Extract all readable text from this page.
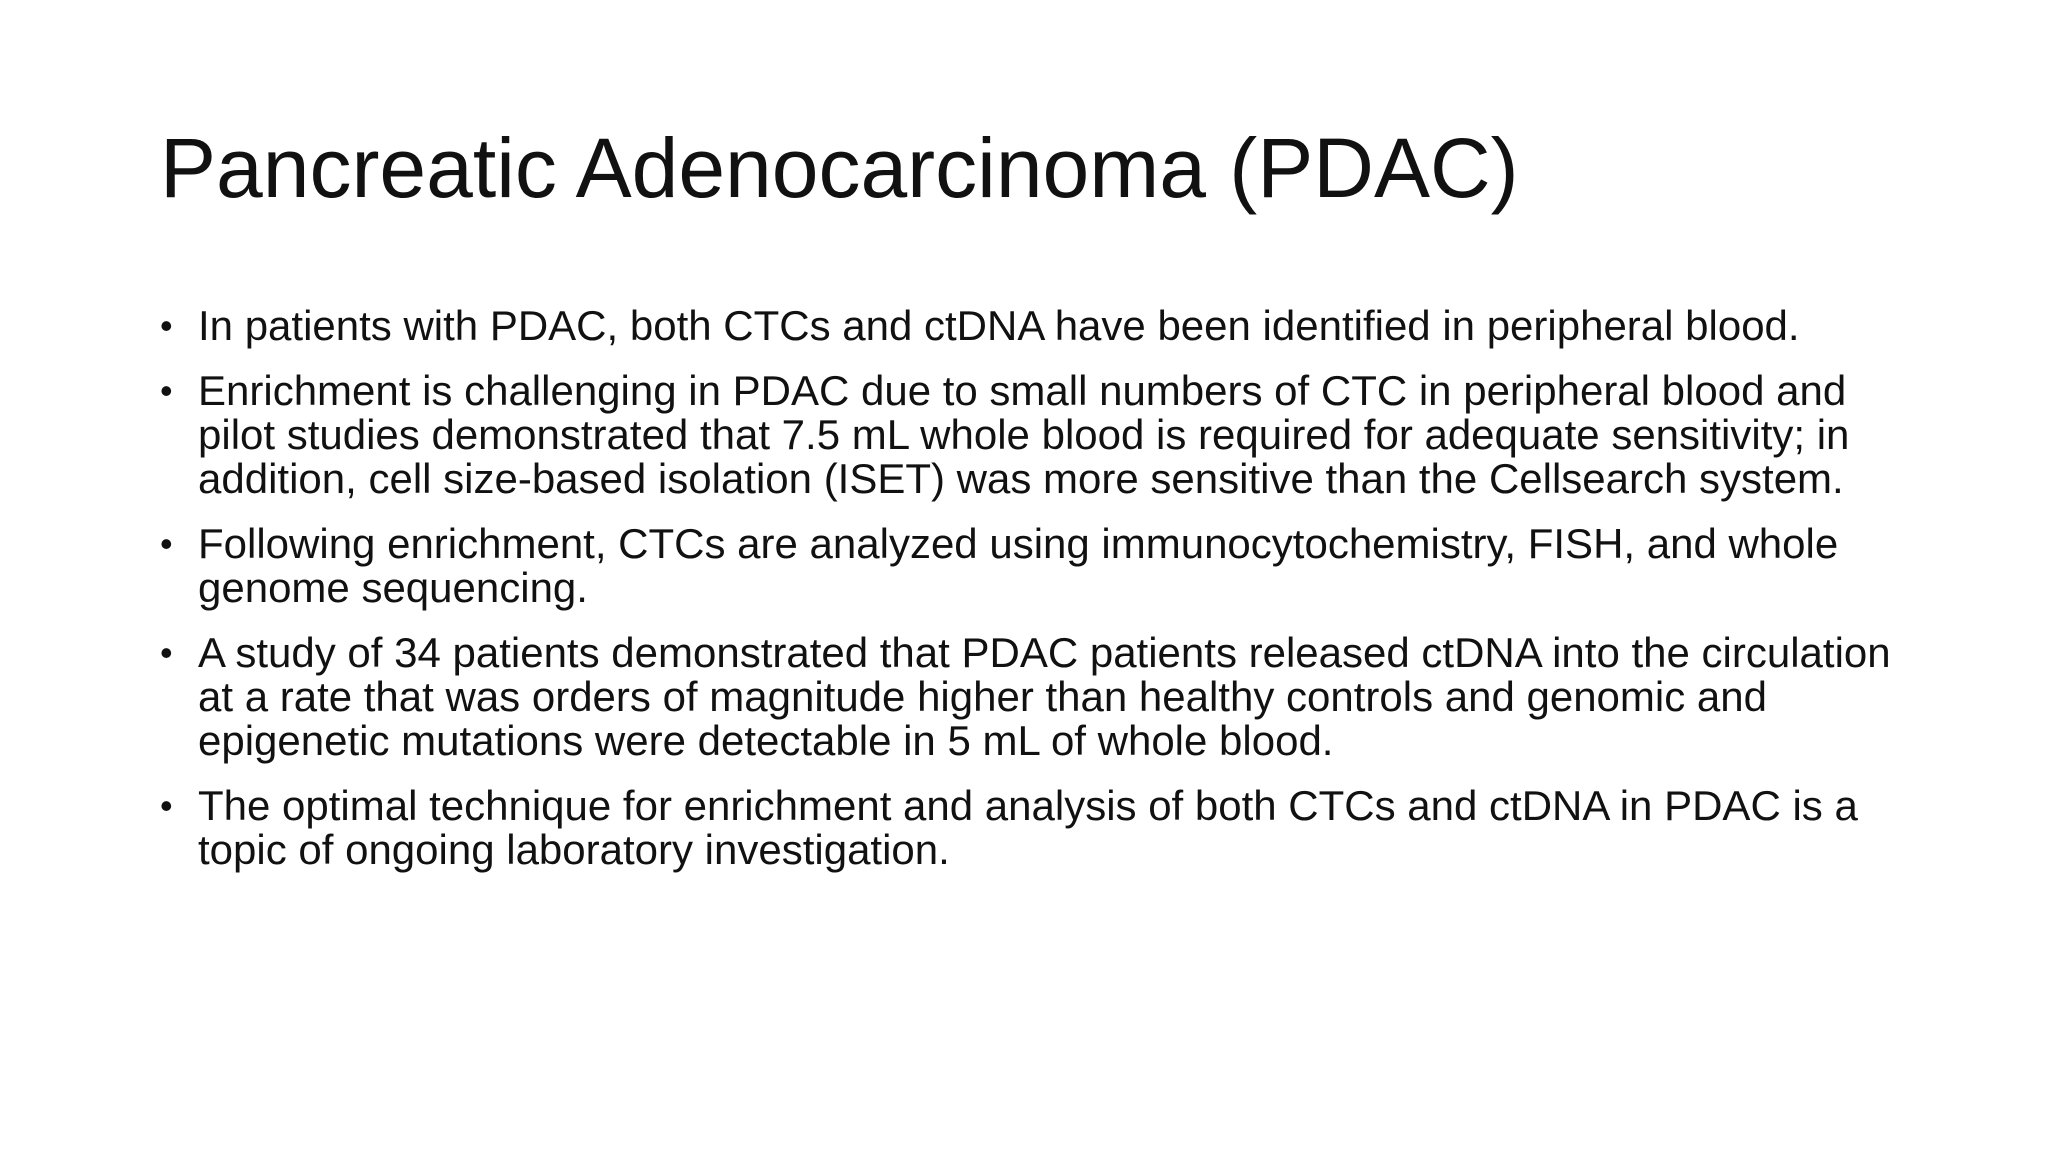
Pancreatic Adenocarcinoma (PDAC)
• In patients with PDAC, both CTCs and ctDNA have been identified in peripheral blood.
• Enrichment is challenging in PDAC due to small numbers of CTC in peripheral blood and pilot studies demonstrated that 7.5 mL whole blood is required for adequate sensitivity; in addition, cell size-based isolation (ISET) was more sensitive than the Cellsearch system.
• Following enrichment, CTCs are analyzed using immunocytochemistry, FISH, and whole genome sequencing.
• A study of 34 patients demonstrated that PDAC patients released ctDNA into the circulation at a rate that was orders of magnitude higher than healthy controls and genomic and epigenetic mutations were detectable in 5 mL of whole blood.
• The optimal technique for enrichment and analysis of both CTCs and ctDNA in PDAC is a topic of ongoing laboratory investigation.
